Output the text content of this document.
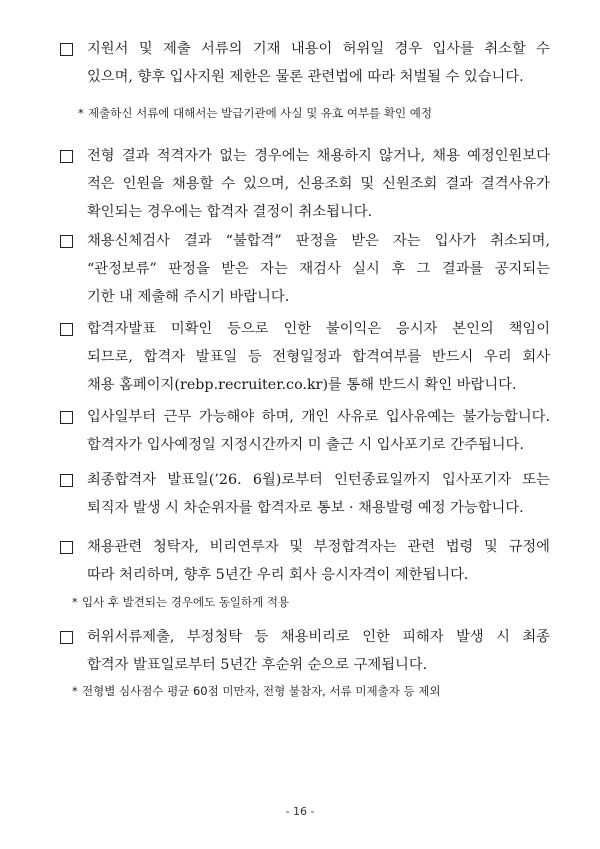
지원서 및 제출 서류의 기재 내용이 허위일 경우 입사를 취소할 수
있으며, 향후 입사지원 제한은 물론 관련법에 따라 처벌될 수 있습니다.
* 제출하신 서류에 대해서는 발급기관에 사실 및 유효 여부를 확인 예정
전형 결과 적격자가 없는 경우에는 채용하지 않거나, 채용 예정인원보다
적은 인원을 채용할 수 있으며, 신용조회 및 신원조회 결과 결격사유가
확인되는 경우에는 합격자 결정이 취소됩니다.
채용신체검사 결과 “불합격” 판정을 받은 자는 입사가 취소되며,
“관정보류” 판정을 받은 자는 재검사 실시 후 그 결과를 공지되는
기한 내 제출해 주시기 바랍니다.
합격자발표 미확인 등으로 인한 불이익은 응시자 본인의 책임이
되므로, 합격자 발표일 등 전형일정과 합격여부를 반드시 우리 회사
채용 홈페이지(rebp.recruiter.co.kr)를 통해 반드시 확인 바랍니다.
입사일부터 근무 가능해야 하며, 개인 사유로 입사유예는 불가능합니다.
합격자가 입사예정일 지정시간까지 미 출근 시 입사포기로 간주됩니다.
최종합격자 발표일(’26. 6월)로부터 인턴종료일까지 입사포기자 또는
퇴직자 발생 시 차순위자를 합격자로 통보 · 채용발령 예정 가능합니다.
채용관련 청탁자, 비리연루자 및 부정합격자는 관련 법령 및 규정에
따라 처리하며, 향후 5년간 우리 회사 응시자격이 제한됩니다.
* 입사 후 발견되는 경우에도 동일하게 적용
허위서류제출, 부정청탁 등 채용비리로 인한 피해자 발생 시 최종
합격자 발표일로부터 5년간 후순위 순으로 구제됩니다.
* 전형별 심사점수 평균 60점 미만자, 전형 불참자, 서류 미제출자 등 제외
- 16 -
